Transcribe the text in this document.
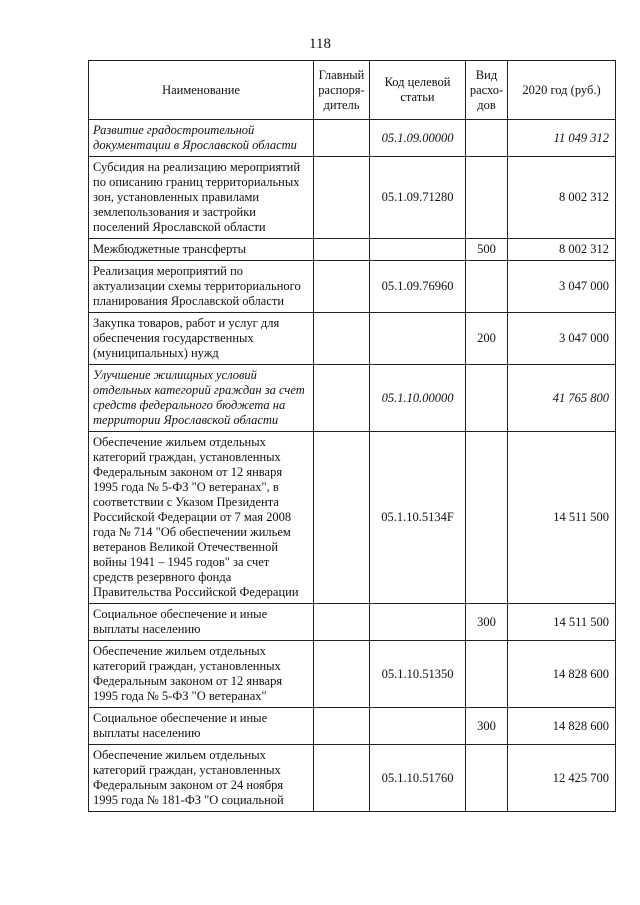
118
Наименование	Главный распоря-дитель	Код целевой статьи	Вид расхо-дов	2020 год (руб.)
Развитие градостроительной документации в Ярославской области		05.1.09.00000		11 049 312
Субсидия на реализацию мероприятий по описанию границ территориальных зон, установленных правилами землепользования и застройки поселений Ярославской области		05.1.09.71280		8 002 312
Межбюджетные трансферты			500	8 002 312
Реализация мероприятий по актуализации схемы территориального планирования Ярославской области		05.1.09.76960		3 047 000
Закупка товаров, работ и услуг для обеспечения государственных (муниципальных) нужд			200	3 047 000
Улучшение жилищных условий отдельных категорий граждан за счет средств федерального бюджета на территории Ярославской области		05.1.10.00000		41 765 800
Обеспечение жильем отдельных категорий граждан, установленных Федеральным законом от 12 января 1995 года № 5-ФЗ "О ветеранах", в соответствии с Указом Президента Российской Федерации от 7 мая 2008 года № 714 "Об обеспечении жильем ветеранов Великой Отечественной войны 1941 – 1945 годов" за счет средств резервного фонда Правительства Российской Федерации		05.1.10.5134F		14 511 500
Социальное обеспечение и иные выплаты населению			300	14 511 500
Обеспечение жильем отдельных категорий граждан, установленных Федеральным законом от 12 января 1995 года № 5-ФЗ "О ветеранах"		05.1.10.51350		14 828 600
Социальное обеспечение и иные выплаты населению			300	14 828 600
Обеспечение жильем отдельных категорий граждан, установленных Федеральным законом от 24 ноября 1995 года № 181-ФЗ "О социальной		05.1.10.51760		12 425 700
